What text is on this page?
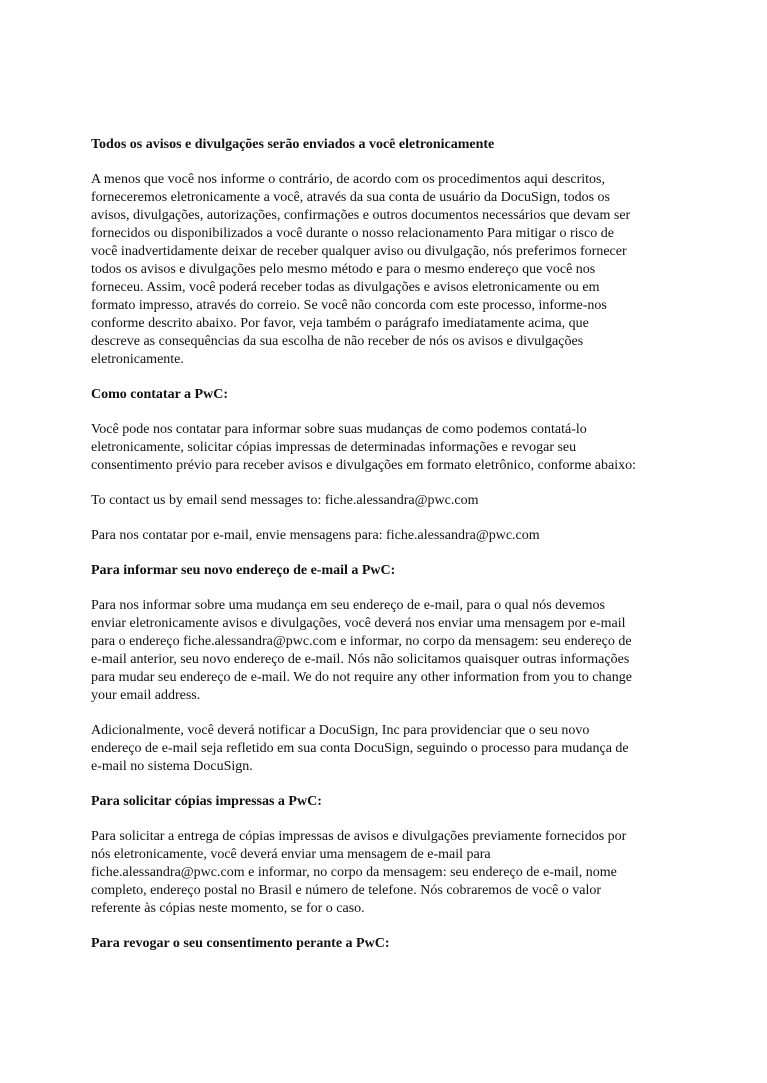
Todos os avisos e divulgações serão enviados a você eletronicamente

A menos que você nos informe o contrário, de acordo com os procedimentos aqui descritos,
forneceremos eletronicamente a você, através da sua conta de usuário da DocuSign, todos os
avisos, divulgações, autorizações, confirmações e outros documentos necessários que devam ser
fornecidos ou disponibilizados a você durante o nosso relacionamento Para mitigar o risco de
você inadvertidamente deixar de receber qualquer aviso ou divulgação, nós preferimos fornecer
todos os avisos e divulgações pelo mesmo método e para o mesmo endereço que você nos
forneceu. Assim, você poderá receber todas as divulgações e avisos eletronicamente ou em
formato impresso, através do correio. Se você não concorda com este processo, informe-nos
conforme descrito abaixo. Por favor, veja também o parágrafo imediatamente acima, que
descreve as consequências da sua escolha de não receber de nós os avisos e divulgações
eletronicamente.

Como contatar a PwC:

Você pode nos contatar para informar sobre suas mudanças de como podemos contatá-lo
eletronicamente, solicitar cópias impressas de determinadas informações e revogar seu
consentimento prévio para receber avisos e divulgações em formato eletrônico, conforme abaixo:

To contact us by email send messages to: fiche.alessandra@pwc.com

Para nos contatar por e-mail, envie mensagens para: fiche.alessandra@pwc.com

Para informar seu novo endereço de e-mail a PwC:

Para nos informar sobre uma mudança em seu endereço de e-mail, para o qual nós devemos
enviar eletronicamente avisos e divulgações, você deverá nos enviar uma mensagem por e-mail
para o endereço fiche.alessandra@pwc.com e informar, no corpo da mensagem: seu endereço de
e-mail anterior, seu novo endereço de e-mail. Nós não solicitamos quaisquer outras informações
para mudar seu endereço de e-mail. We do not require any other information from you to change
your email address.

Adicionalmente, você deverá notificar a DocuSign, Inc para providenciar que o seu novo
endereço de e-mail seja refletido em sua conta DocuSign, seguindo o processo para mudança de
e-mail no sistema DocuSign.

Para solicitar cópias impressas a PwC:

Para solicitar a entrega de cópias impressas de avisos e divulgações previamente fornecidos por
nós eletronicamente, você deverá enviar uma mensagem de e-mail para
fiche.alessandra@pwc.com e informar, no corpo da mensagem: seu endereço de e-mail, nome
completo, endereço postal no Brasil e número de telefone. Nós cobraremos de você o valor
referente às cópias neste momento, se for o caso.

Para revogar o seu consentimento perante a PwC:
